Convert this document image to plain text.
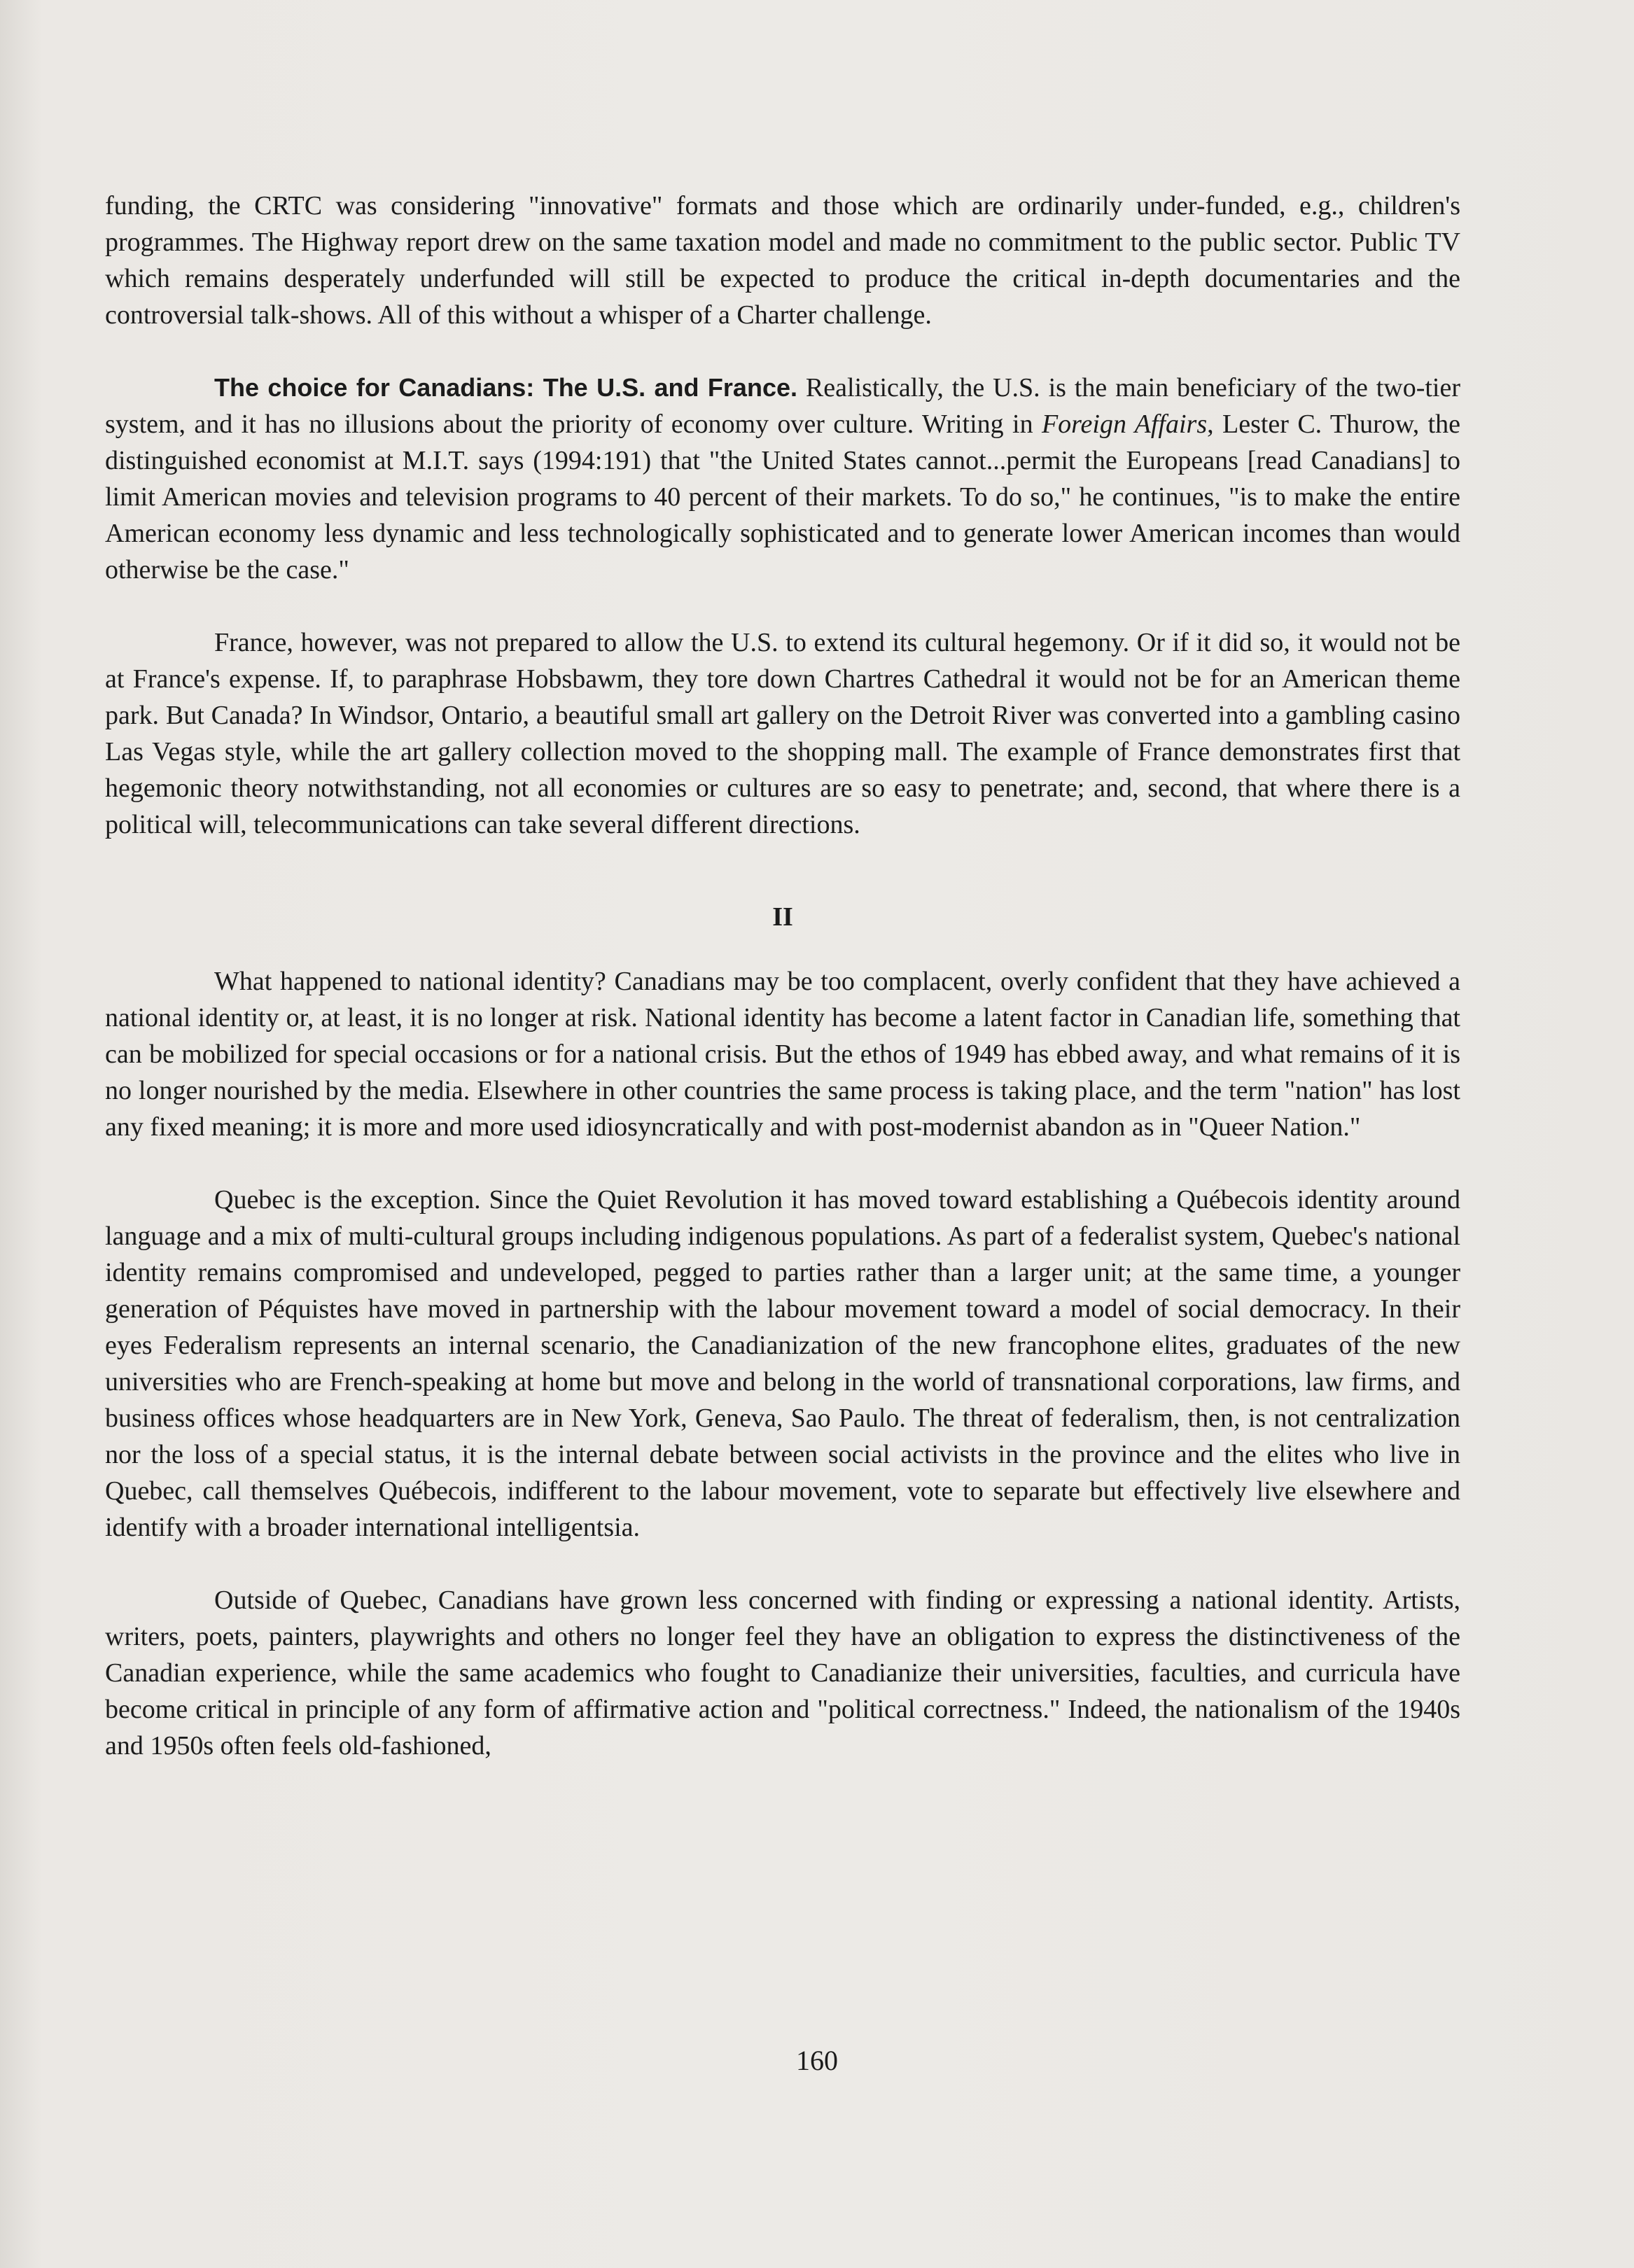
funding, the CRTC was considering "innovative" formats and those which are ordinarily under-funded, e.g., children's programmes. The Highway report drew on the same taxation model and made no commitment to the public sector. Public TV which remains desperately underfunded will still be expected to produce the critical in-depth documentaries and the controversial talk-shows. All of this without a whisper of a Charter challenge.

The choice for Canadians: The U.S. and France. Realistically, the U.S. is the main beneficiary of the two-tier system, and it has no illusions about the priority of economy over culture. Writing in Foreign Affairs, Lester C. Thurow, the distinguished economist at M.I.T. says (1994:191) that "the United States cannot...permit the Europeans [read Canadians] to limit American movies and television programs to 40 percent of their markets. To do so," he continues, "is to make the entire American economy less dynamic and less technologically sophisticated and to generate lower American incomes than would otherwise be the case."

France, however, was not prepared to allow the U.S. to extend its cultural hegemony. Or if it did so, it would not be at France's expense. If, to paraphrase Hobsbawm, they tore down Chartres Cathedral it would not be for an American theme park. But Canada? In Windsor, Ontario, a beautiful small art gallery on the Detroit River was converted into a gambling casino Las Vegas style, while the art gallery collection moved to the shopping mall. The example of France demonstrates first that hegemonic theory notwithstanding, not all economies or cultures are so easy to penetrate; and, second, that where there is a political will, telecommunications can take several different directions.

II

What happened to national identity? Canadians may be too complacent, overly confident that they have achieved a national identity or, at least, it is no longer at risk. National identity has become a latent factor in Canadian life, something that can be mobilized for special occasions or for a national crisis. But the ethos of 1949 has ebbed away, and what remains of it is no longer nourished by the media. Elsewhere in other countries the same process is taking place, and the term "nation" has lost any fixed meaning; it is more and more used idiosyncratically and with post-modernist abandon as in "Queer Nation."

Quebec is the exception. Since the Quiet Revolution it has moved toward establishing a Québecois identity around language and a mix of multi-cultural groups including indigenous populations. As part of a federalist system, Quebec's national identity remains compromised and undeveloped, pegged to parties rather than a larger unit; at the same time, a younger generation of Péquistes have moved in partnership with the labour movement toward a model of social democracy. In their eyes Federalism represents an internal scenario, the Canadianization of the new francophone elites, graduates of the new universities who are French-speaking at home but move and belong in the world of transnational corporations, law firms, and business offices whose headquarters are in New York, Geneva, Sao Paulo. The threat of federalism, then, is not centralization nor the loss of a special status, it is the internal debate between social activists in the province and the elites who live in Quebec, call themselves Québecois, indifferent to the labour movement, vote to separate but effectively live elsewhere and identify with a broader international intelligentsia.

Outside of Quebec, Canadians have grown less concerned with finding or expressing a national identity. Artists, writers, poets, painters, playwrights and others no longer feel they have an obligation to express the distinctiveness of the Canadian experience, while the same academics who fought to Canadianize their universities, faculties, and curricula have become critical in principle of any form of affirmative action and "political correctness." Indeed, the nationalism of the 1940s and 1950s often feels old-fashioned,

160
